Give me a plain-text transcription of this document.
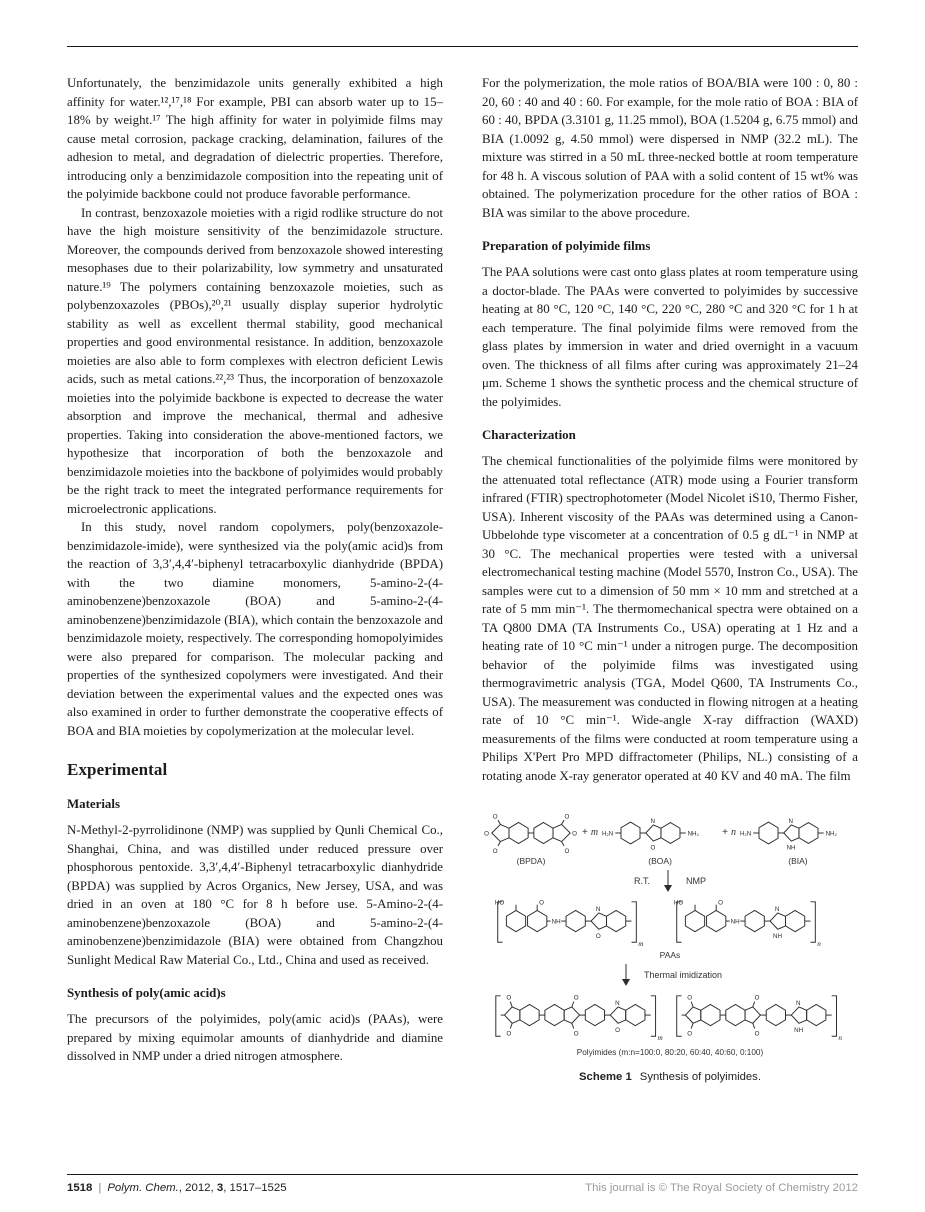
Unfortunately, the benzimidazole units generally exhibited a high affinity for water.¹²,¹⁷,¹⁸ For example, PBI can absorb water up to 15–18% by weight.¹⁷ The high affinity for water in polyimide films may cause metal corrosion, package cracking, delamination, failures of the adhesion to metal, and degradation of dielectric properties. Therefore, introducing only a benzimidazole composition into the repeating unit of the polyimide backbone could not produce favorable performance.

In contrast, benzoxazole moieties with a rigid rodlike structure do not have the high moisture sensitivity of the benzimidazole structure. Moreover, the compounds derived from benzoxazole showed interesting mesophases due to their polarizability, low symmetry and unsaturated nature.¹⁹ The polymers containing benzoxazole moieties, such as polybenzoxazoles (PBOs),²⁰,²¹ usually display superior hydrolytic stability as well as excellent thermal stability, good mechanical properties and good environmental resistance. In addition, benzoxazole moieties are also able to form complexes with electron deficient Lewis acids, such as metal cations.²²,²³ Thus, the incorporation of benzoxazole moieties into the polyimide backbone is expected to decrease the water absorption and improve the mechanical, thermal and adhesive properties. Taking into consideration the above-mentioned factors, we hypothesize that incorporation of both the benzoxazole and benzimidazole moieties into the backbone of polyimides would probably be the right track to meet the integrated performance requirements for microelectronic applications.

In this study, novel random copolymers, poly(benzoxazole-benzimidazole-imide), were synthesized via the poly(amic acid)s from the reaction of 3,3′,4,4′-biphenyl tetracarboxylic dianhydride (BPDA) with the two diamine monomers, 5-amino-2-(4-aminobenzene)benzoxazole (BOA) and 5-amino-2-(4-aminobenzene)benzimidazole (BIA), which contain the benzoxazole and benzimidazole moiety, respectively. The corresponding homopolyimides were also prepared for comparison. The molecular packing and properties of the synthesized copolymers were investigated. And their deviation between the experimental values and the expected ones was also examined in order to further demonstrate the cooperative effects of BOA and BIA moieties by copolymerization at the molecular level.

Experimental
Materials

N-Methyl-2-pyrrolidinone (NMP) was supplied by Qunli Chemical Co., Shanghai, China, and was distilled under reduced pressure over phosphorous pentoxide. 3,3′,4,4′-Biphenyl tetracarboxylic dianhydride (BPDA) was supplied by Acros Organics, New Jersey, USA, and was dried in an oven at 180 °C for 8 h before use. 5-Amino-2-(4-aminobenzene)benzoxazole (BOA) and 5-amino-2-(4-aminobenzene)benzimidazole (BIA) were obtained from Changzhou Sunlight Medical Raw Material Co., Ltd., China and used as received.

Synthesis of poly(amic acid)s

The precursors of the polyimides, poly(amic acid)s (PAAs), were prepared by mixing equimolar amounts of dianhydride and diamine dissolved in NMP under a dried nitrogen atmosphere.

For the polymerization, the mole ratios of BOA/BIA were 100 : 0, 80 : 20, 60 : 40 and 40 : 60. For example, for the mole ratio of BOA : BIA of 60 : 40, BPDA (3.3101 g, 11.25 mmol), BOA (1.5204 g, 6.75 mmol) and BIA (1.0092 g, 4.50 mmol) were dispersed in NMP (32.2 mL). The mixture was stirred in a 50 mL three-necked bottle at room temperature for 48 h. A viscous solution of PAA with a solid content of 15 wt% was obtained. The polymerization procedure for the other ratios of BOA : BIA was similar to the above procedure.

Preparation of polyimide films

The PAA solutions were cast onto glass plates at room temperature using a doctor-blade. The PAAs were converted to polyimides by successive heating at 80 °C, 120 °C, 140 °C, 220 °C, 280 °C and 320 °C for 1 h at each temperature. The final polyimide films were removed from the glass plates by immersion in water and dried overnight in a vacuum oven. The thickness of all films after curing was approximately 21–24 μm. Scheme 1 shows the synthetic process and the chemical structure of the polyimides.

Characterization

The chemical functionalities of the polyimide films were monitored by the attenuated total reflectance (ATR) mode using a Fourier transform infrared (FTIR) spectrophotometer (Model Nicolet iS10, Thermo Fisher, USA). Inherent viscosity of the PAAs was determined using a Canon-Ubbelohde type viscometer at a concentration of 0.5 g dL⁻¹ in NMP at 30 °C. The mechanical properties were tested with a universal electromechanical testing machine (Model 5570, Instron Co., USA). The samples were cut to a dimension of 50 mm × 10 mm and stretched at a rate of 5 mm min⁻¹. The thermomechanical spectra were obtained on a TA Q800 DMA (TA Instruments Co., USA) operating at 1 Hz and a heating rate of 10 °C min⁻¹ under a nitrogen purge. The decomposition behavior of the polyimide films was investigated using thermogravimetric analysis (TGA, Model Q600, TA Instruments Co., USA). The measurement was conducted in flowing nitrogen at a heating rate of 10 °C min⁻¹. Wide-angle X-ray diffraction (WAXD) measurements of the films were conducted at room temperature using a Philips X'Pert Pro MPD diffractometer (Philips, NL.) consisting of a rotating anode X-ray generator operated at 40 KV and 40 mA. The film

O
O
O
O
O
O
(BPDA)
+ m H₂N
N
O
NH₂
(BOA)
+ n H₂N
N
NH
NH₂
(BIA)
R.T.	NMP
HO	O
NH
N
O
m
HO	O
NH
N
NH
n
PAAs
Thermal imidization
O
O
O
O
N
O
m
O
O
O
O
N
NH
n
Polyimides (m:n=100:0, 80:20, 60:40, 40:60, 0:100)
Scheme 1 Synthesis of polyimides.
1518 | Polym. Chem., 2012, 3, 1517–1525	This journal is © The Royal Society of Chemistry 2012
